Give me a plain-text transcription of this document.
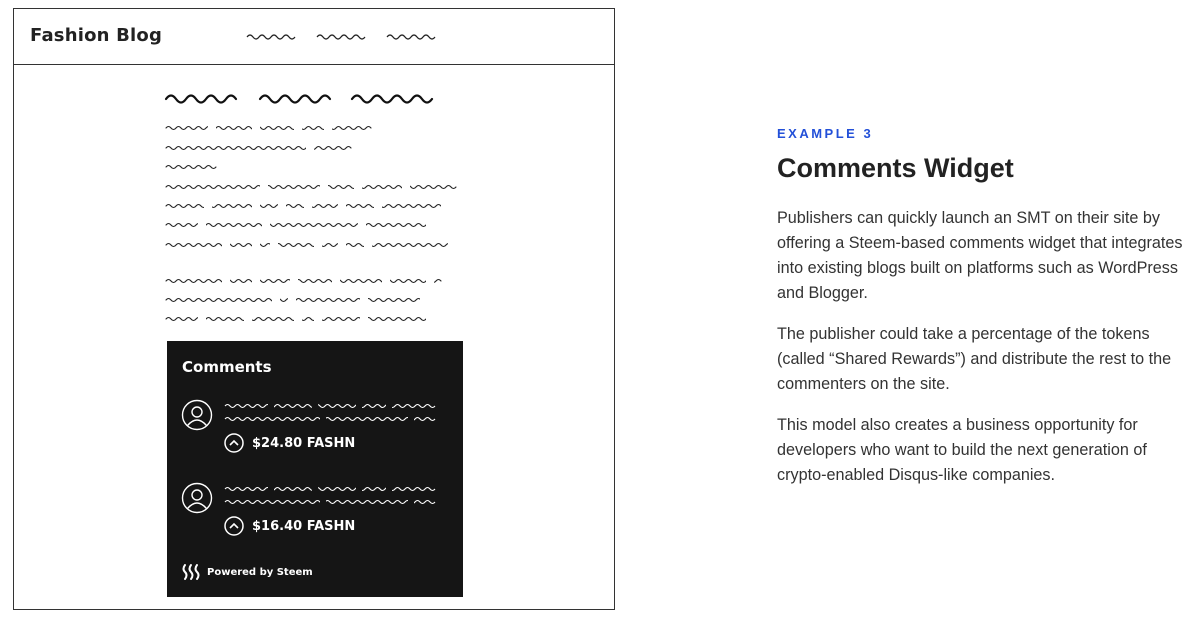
Fashion Blog
Comments
$24.80 FASHN
$16.40 FASHN
Powered by Steem
EXAMPLE 3
Comments Widget
Publishers can quickly launch an SMT on their site by offering a Steem-based comments widget that integrates into existing blogs built on platforms such as WordPress and Blogger.
The publisher could take a percentage of the tokens (called “Shared Rewards”) and distribute the rest to the commenters on the site.
This model also creates a business opportunity for developers who want to build the next generation of crypto-enabled Disqus-like companies.
